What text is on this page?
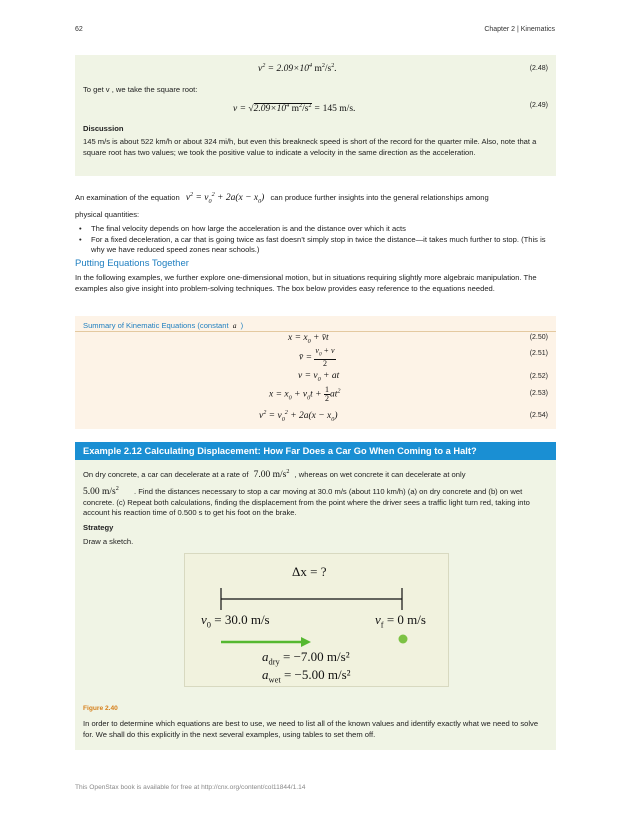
62	Chapter 2 | Kinematics
$v^2 = 2.09\times 10^4$ $m^2/s^2$.	(2.48)
To get v , we take the square root:
$v = √2.09\times 10^4$ $m^2/s^2 = 145$ m/s.	(2.49)
Discussion

145 m/s is about 522 km/h or about 324 mi/h, but even this breakneck speed is short of the record for the quarter mile. Also, note that a square root has two values; we took the positive value to indicate a velocity in the same direction as the acceleration.

An examination of the equation $v^2 = v_0^2 + 2a(x - x_0)$ can produce further insights into the general relationships among
physical quantities:
• The final velocity depends on how large the acceleration is and the distance over which it acts
• For a fixed deceleration, a car that is going twice as fast doesn’t simply stop in twice the distance—it takes much further to stop. (This is why we have reduced speed zones near schools.)
Putting Equations Together

In the following examples, we further explore one-dimensional motion, but in situations requiring slightly more algebraic manipulation. The examples also give insight into problem-solving techniques. The box below provides easy reference to the equations needed.

Summary of Kinematic Equations (constant a )
$x = x_0$ + v̄t	(2.50)
v̄ = $\frac{v_0 + v}{2}$	(2.51)
$v = v_0$ + at	(2.52)
$x = x_0 + v_0t + \frac{1}{2} at^2$	(2.53)
$v^2 = v_0^2 + 2a(x - x_0)$	(2.54)
Example 2.12 Calculating Displacement: How Far Does a Car Go When Coming to a Halt?
On dry concrete, a car can decelerate at a rate of 7.00 $m/s^2$ , whereas on wet concrete it can decelerate at only
5.00 $m/s^2$	. Find the distances necessary to stop a car moving at 30.0 m/s (about 110 km/h) (a) on dry concrete and (b) on wet concrete. (c) Repeat both calculations, finding the displacement from the point where the driver sees a traffic light turn red, taking into account his reaction time of 0.500 s to get his foot on the brake.

Strategy
Draw a sketch.
Δx = ?
$v_0 = 30.0$ m/s	$v_f = 0$ m/s
$a_{dry} = -7.00$ m/s²
$a_{wet} = -5.00$ m/s²
Figure 2.40

In order to determine which equations are best to use, we need to list all of the known values and identify exactly what we need to solve for. We shall do this explicitly in the next several examples, using tables to set them off.

This OpenStax book is available for free at http://cnx.org/content/col11844/1.14
